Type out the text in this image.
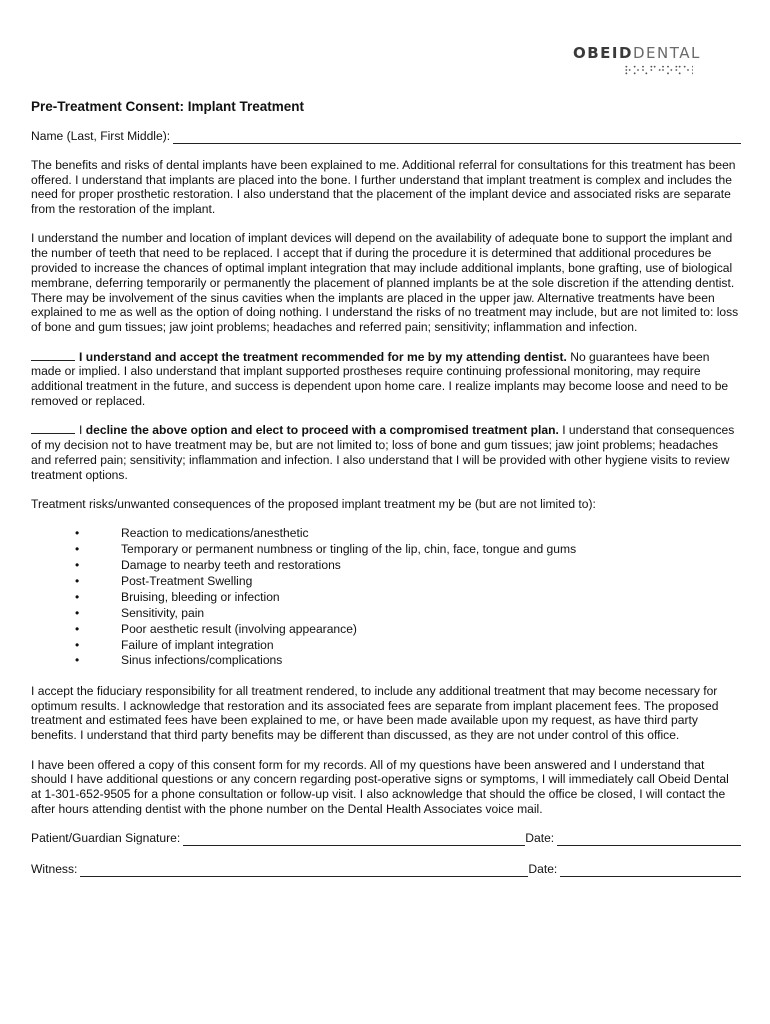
OBEIDDENTAL
Pre-Treatment Consent: Implant Treatment
Name (Last, First Middle):

The benefits and risks of dental implants have been explained to me. Additional referral for consultations for this treatment has been offered. I understand that implants are placed into the bone. I further understand that implant treatment is complex and includes the need for proper prosthetic restoration. I also understand that the placement of the implant device and associated risks are separate from the restoration of the implant.

I understand the number and location of implant devices will depend on the availability of adequate bone to support the implant and the number of teeth that need to be replaced. I accept that if during the procedure it is determined that additional procedures be provided to increase the chances of optimal implant integration that may include additional implants, bone grafting, use of biological membrane, deferring temporarily or permanently the placement of planned implants be at the sole discretion if the attending dentist. There may be involvement of the sinus cavities when the implants are placed in the upper jaw. Alternative treatments have been explained to me as well as the option of doing nothing. I understand the risks of no treatment may include, but are not limited to: loss of bone and gum tissues; jaw joint problems; headaches and referred pain; sensitivity; inflammation and infection.

I understand and accept the treatment recommended for me by my attending dentist. No guarantees have been made or implied. I also understand that implant supported prostheses require continuing professional monitoring, may require additional treatment in the future, and success is dependent upon home care. I realize implants may become loose and need to be removed or replaced.

I decline the above option and elect to proceed with a compromised treatment plan. I understand that consequences of my decision not to have treatment may be, but are not limited to; loss of bone and gum tissues; jaw joint problems; headaches and referred pain; sensitivity; inflammation and infection. I also understand that I will be provided with other hygiene visits to review treatment options.

Treatment risks/unwanted consequences of the proposed implant treatment my be (but are not limited to):

• Reaction to medications/anesthetic
• Temporary or permanent numbness or tingling of the lip, chin, face, tongue and gums
• Damage to nearby teeth and restorations
• Post-Treatment Swelling
• Bruising, bleeding or infection
• Sensitivity, pain
• Poor aesthetic result (involving appearance)
• Failure of implant integration
• Sinus infections/complications

I accept the fiduciary responsibility for all treatment rendered, to include any additional treatment that may become necessary for optimum results. I acknowledge that restoration and its associated fees are separate from implant placement fees. The proposed treatment and estimated fees have been explained to me, or have been made available upon my request, as have third party benefits. I understand that third party benefits may be different than discussed, as they are not under control of this office.

I have been offered a copy of this consent form for my records. All of my questions have been answered and I understand that should I have additional questions or any concern regarding post-operative signs or symptoms, I will immediately call Obeid Dental at 1-301-652-9505 for a phone consultation or follow-up visit. I also acknowledge that should the office be closed, I will contact the after hours attending dentist with the phone number on the Dental Health Associates voice mail.

Patient/Guardian Signature:	Date:
Witness:	Date:
